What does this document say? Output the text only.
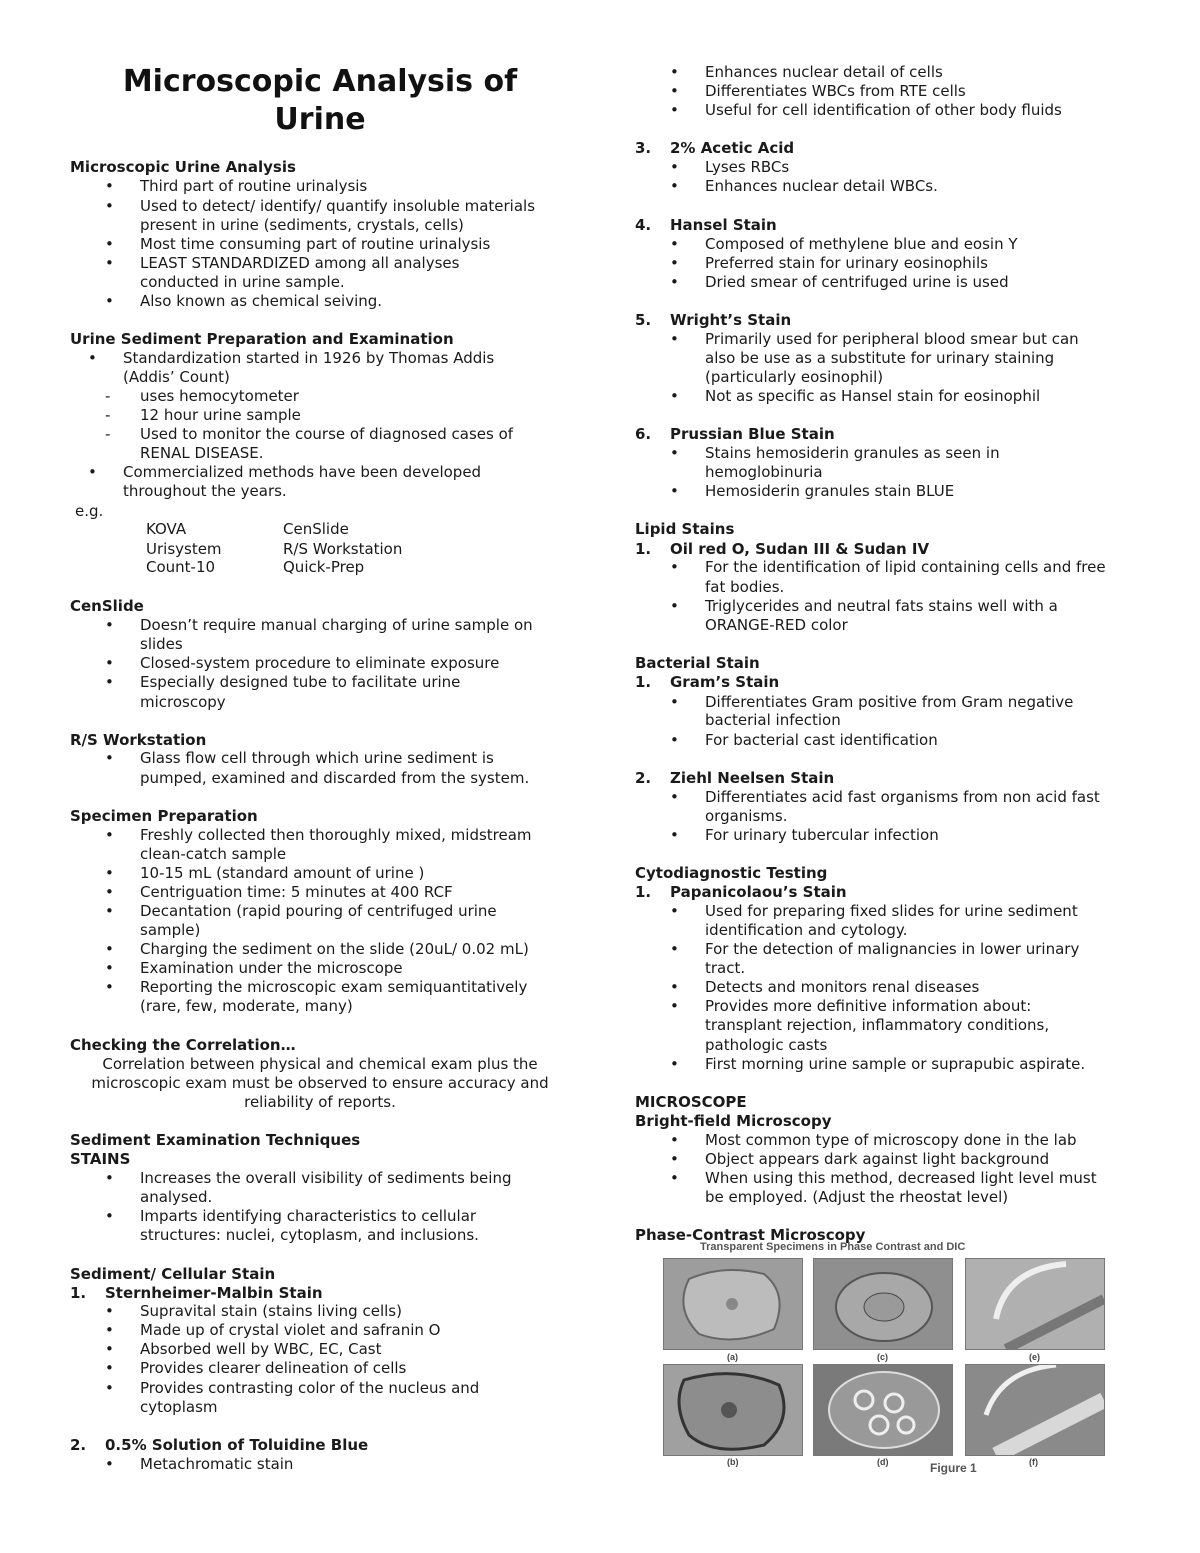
Microscopic Analysis of
Urine
Microscopic Urine Analysis
• Third part of routine urinalysis
• Used to detect/ identify/ quantify insoluble materials
present in urine (sediments, crystals, cells)
• Most time consuming part of routine urinalysis
• LEAST STANDARDIZED among all analyses
conducted in urine sample.
• Also known as chemical seiving.
Urine Sediment Preparation and Examination
• Standardization started in 1926 by Thomas Addis
(Addis’ Count)
- uses hemocytometer
- 12 hour urine sample
- Used to monitor the course of diagnosed cases of
RENAL DISEASE.
• Commercialized methods have been developed
throughout the years.
e.g.
KOVA	CenSlide
Urisystem	R/S Workstation
Count-10	Quick-Prep
CenSlide
• Doesn’t require manual charging of urine sample on
slides
• Closed-system procedure to eliminate exposure
• Especially designed tube to facilitate urine
microscopy
R/S Workstation
• Glass flow cell through which urine sediment is
pumped, examined and discarded from the system.
Specimen Preparation
• Freshly collected then thoroughly mixed, midstream
clean-catch sample
• 10-15 mL (standard amount of urine )
• Centriguation time: 5 minutes at 400 RCF
• Decantation (rapid pouring of centrifuged urine
sample)
• Charging the sediment on the slide (20uL/ 0.02 mL)
• Examination under the microscope
• Reporting the microscopic exam semiquantitatively
(rare, few, moderate, many)
Checking the Correlation…
Correlation between physical and chemical exam plus the
microscopic exam must be observed to ensure accuracy and
reliability of reports.
Sediment Examination Techniques
STAINS
• Increases the overall visibility of sediments being
analysed.
• Imparts identifying characteristics to cellular
structures: nuclei, cytoplasm, and inclusions.
Sediment/ Cellular Stain
1. Sternheimer-Malbin Stain
• Supravital stain (stains living cells)
• Made up of crystal violet and safranin O
• Absorbed well by WBC, EC, Cast
• Provides clearer delineation of cells
• Provides contrasting color of the nucleus and
cytoplasm
2. 0.5% Solution of Toluidine Blue
• Metachromatic stain
• Enhances nuclear detail of cells
• Differentiates WBCs from RTE cells
• Useful for cell identification of other body fluids
3. 2% Acetic Acid
• Lyses RBCs
• Enhances nuclear detail WBCs.
4. Hansel Stain
• Composed of methylene blue and eosin Y
• Preferred stain for urinary eosinophils
• Dried smear of centrifuged urine is used
5. Wright’s Stain
• Primarily used for peripheral blood smear but can
also be use as a substitute for urinary staining
(particularly eosinophil)
• Not as specific as Hansel stain for eosinophil
6. Prussian Blue Stain
• Stains hemosiderin granules as seen in
hemoglobinuria
• Hemosiderin granules stain BLUE
Lipid Stains
1. Oil red O, Sudan III & Sudan IV
• For the identification of lipid containing cells and free
fat bodies.
• Triglycerides and neutral fats stains well with a
ORANGE-RED color
Bacterial Stain
1. Gram’s Stain
• Differentiates Gram positive from Gram negative
bacterial infection
• For bacterial cast identification
2. Ziehl Neelsen Stain
• Differentiates acid fast organisms from non acid fast
organisms.
• For urinary tubercular infection
Cytodiagnostic Testing
1. Papanicolaou’s Stain
• Used for preparing fixed slides for urine sediment
identification and cytology.
• For the detection of malignancies in lower urinary
tract.
• Detects and monitors renal diseases
• Provides more definitive information about:
transplant rejection, inflammatory conditions,
pathologic casts
• First morning urine sample or suprapubic aspirate.
MICROSCOPE
Bright-field Microscopy
• Most common type of microscopy done in the lab
• Object appears dark against light background
• When using this method, decreased light level must
be employed. (Adjust the rheostat level)
Phase-Contrast Microscopy
Transparent Specimens in Phase Contrast and DIC
(a)	(c)	(e)
(b)	(d)	(f)
Figure 1
